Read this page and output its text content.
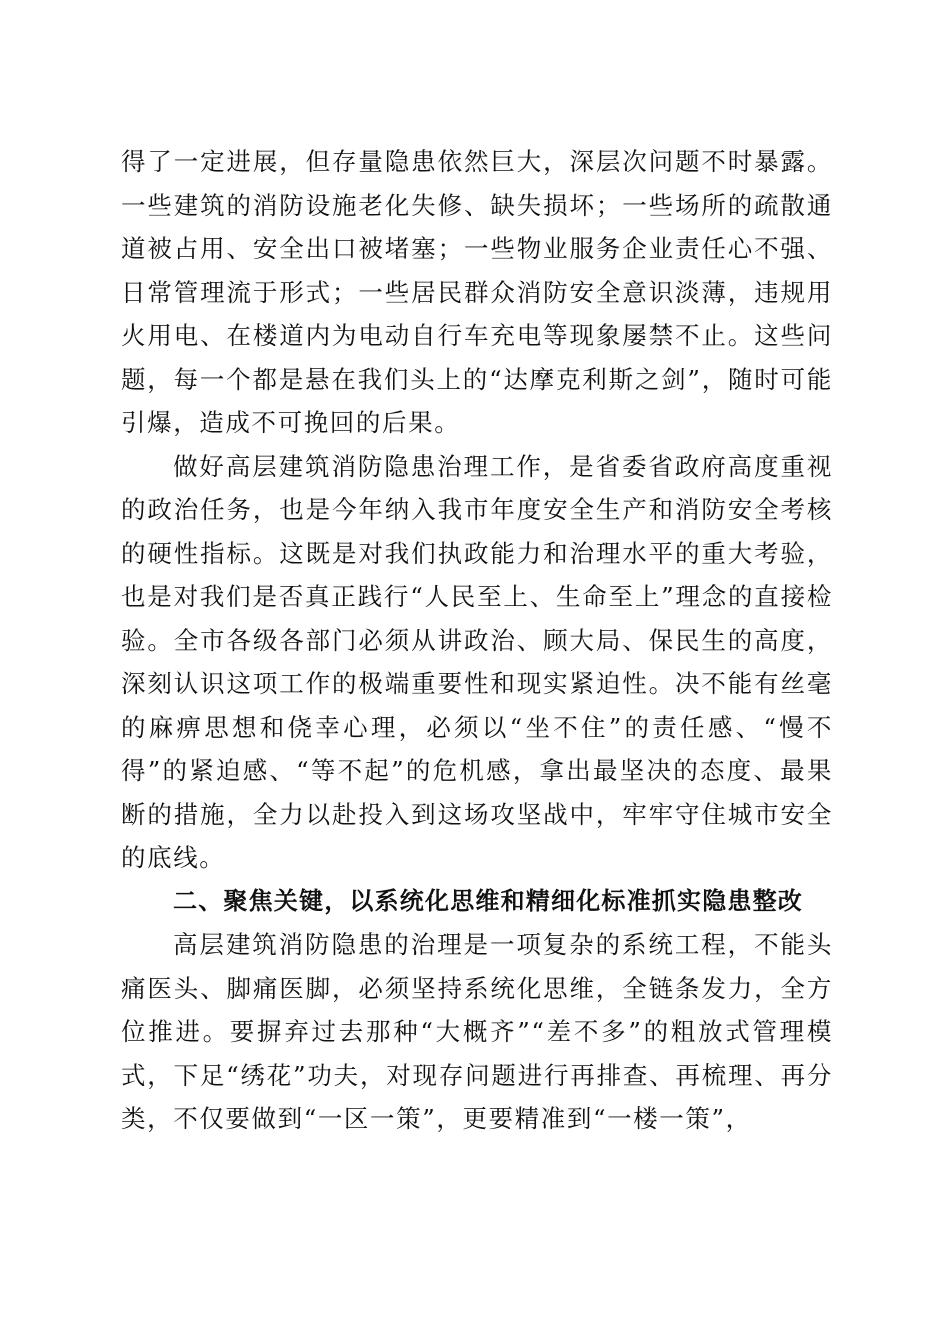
得了一定进展，但存量隐患依然巨大，深层次问题不时暴露。一些建筑的消防设施老化失修、缺失损坏；一些场所的疏散通道被占用、安全出口被堵塞；一些物业服务企业责任心不强、日常管理流于形式；一些居民群众消防安全意识淡薄，违规用火用电、在楼道内为电动自行车充电等现象屡禁不止。这些问题，每一个都是悬在我们头上的“达摩克利斯之剑”，随时可能引爆，造成不可挽回的后果。

做好高层建筑消防隐患治理工作，是省委省政府高度重视的政治任务，也是今年纳入我市年度安全生产和消防安全考核的硬性指标。这既是对我们执政能力和治理水平的重大考验，也是对我们是否真正践行“人民至上、生命至上”理念的直接检验。全市各级各部门必须从讲政治、顾大局、保民生的高度，深刻认识这项工作的极端重要性和现实紧迫性。决不能有丝毫的麻痹思想和侥幸心理，必须以“坐不住”的责任感、“慢不得”的紧迫感、“等不起”的危机感，拿出最坚决的态度、最果断的措施，全力以赴投入到这场攻坚战中，牢牢守住城市安全的底线。

二、聚焦关键，以系统化思维和精细化标准抓实隐患整改

高层建筑消防隐患的治理是一项复杂的系统工程，不能头痛医头、脚痛医脚，必须坚持系统化思维，全链条发力，全方位推进。要摒弃过去那种“大概齐”“差不多”的粗放式管理模式，下足“绣花”功夫，对现存问题进行再排查、再梳理、再分类，不仅要做到“一区一策”，更要精准到“一楼一策”，
